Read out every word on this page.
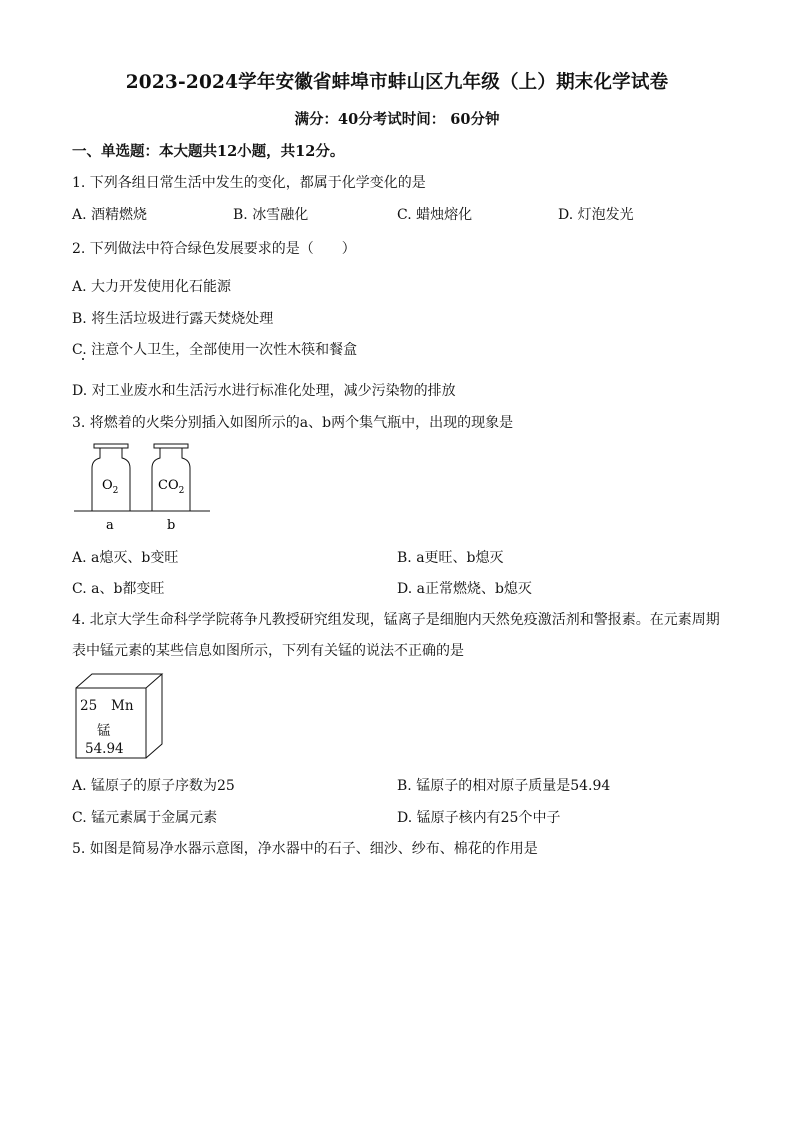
2023-2024学年安徽省蚌埠市蚌山区九年级（上）期末化学试卷
满分：40分考试时间： 60分钟
一、单选题：本大题共12小题，共12分。
1. 下列各组日常生活中发生的变化，都属于化学变化的是
A. 酒精燃烧	B. 冰雪融化	C. 蜡烛熔化	D. 灯泡发光
2. 下列做法中符合绿色发展要求的是（　　）
A. 大力开发使用化石能源
B. 将生活垃圾进行露天焚烧处理
C. 注意个人卫生，全部使用一次性木筷和餐盒
D. 对工业废水和生活污水进行标准化处理，减少污染物的排放
3. 将燃着的火柴分别插入如图所示的a、b两个集气瓶中，出现的现象是
$O_2$	$CO_2$
a	b
A. a熄灭、b变旺	B. a更旺、b熄灭
C. a、b都变旺	D. a正常燃烧、b熄灭
4. 北京大学生命科学学院蒋争凡教授研究组发现，锰离子是细胞内天然免疫激活剂和警报素。在元素周期
表中锰元素的某些信息如图所示，下列有关锰的说法不正确的是
25 Mn
锰
54.94
A. 锰原子的原子序数为25	B. 锰原子的相对原子质量是54.94
C. 锰元素属于金属元素	D. 锰原子核内有25个中子
5. 如图是简易净水器示意图，净水器中的石子、细沙、纱布、棉花的作用是
